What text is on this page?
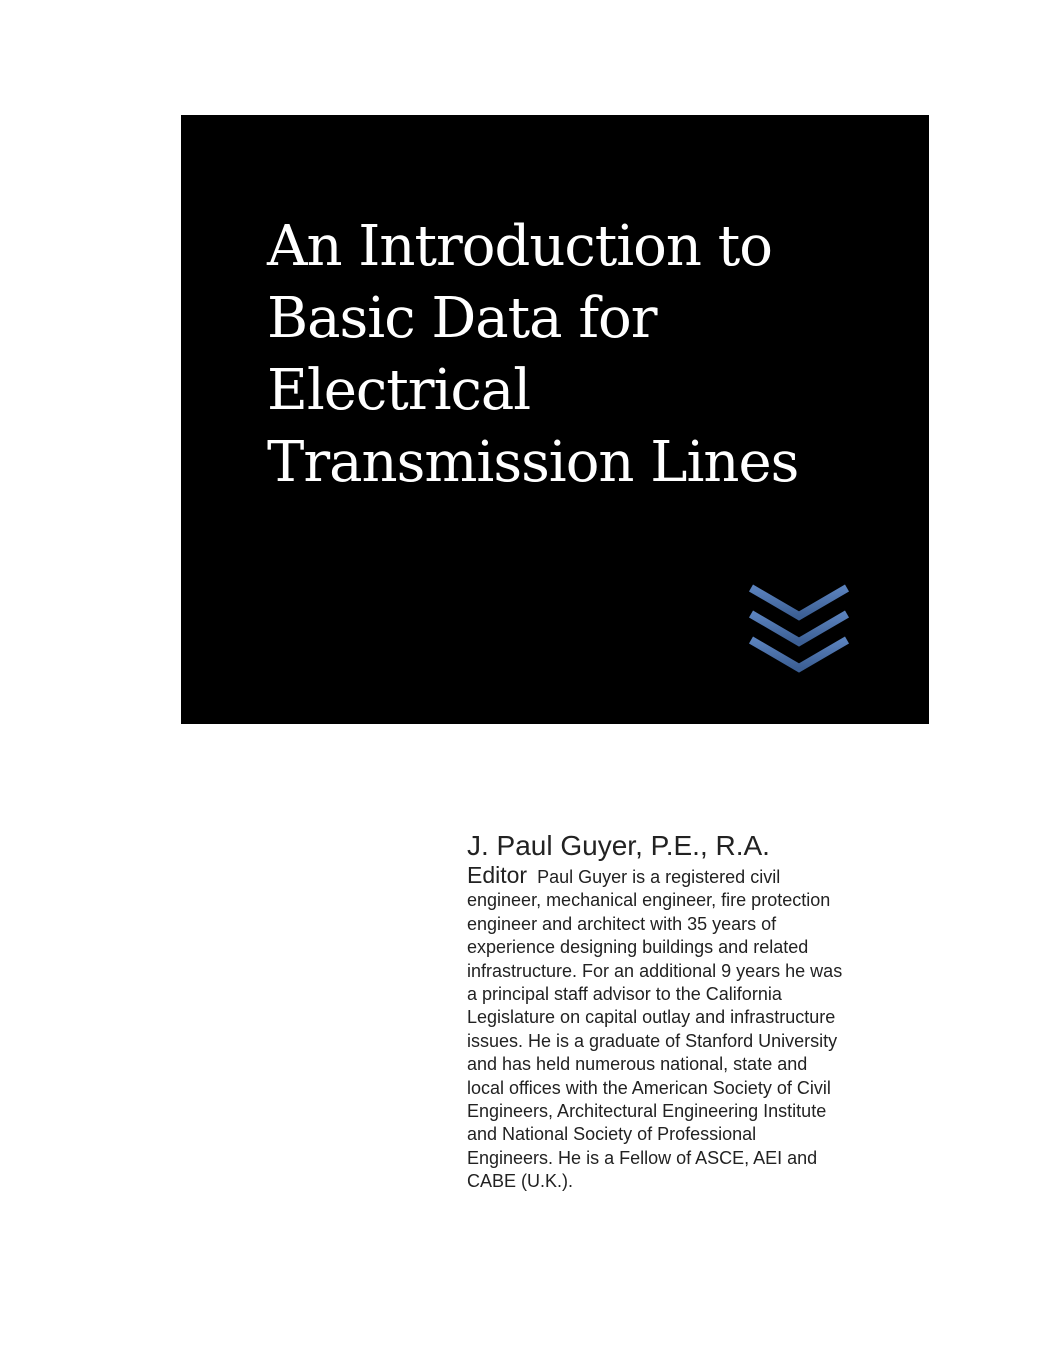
An Introduction to
Basic Data for
Electrical
Transmission Lines
J. Paul Guyer, P.E., R.A.
Editor Paul Guyer is a registered civil engineer, mechanical engineer, fire protection engineer and architect with 35 years of experience designing buildings and related infrastructure. For an additional 9 years he was a principal staff advisor to the California Legislature on capital outlay and infrastructure issues. He is a graduate of Stanford University and has held numerous national, state and local offices with the American Society of Civil Engineers, Architectural Engineering Institute and National Society of Professional Engineers. He is a Fellow of ASCE, AEI and CABE (U.K.).
